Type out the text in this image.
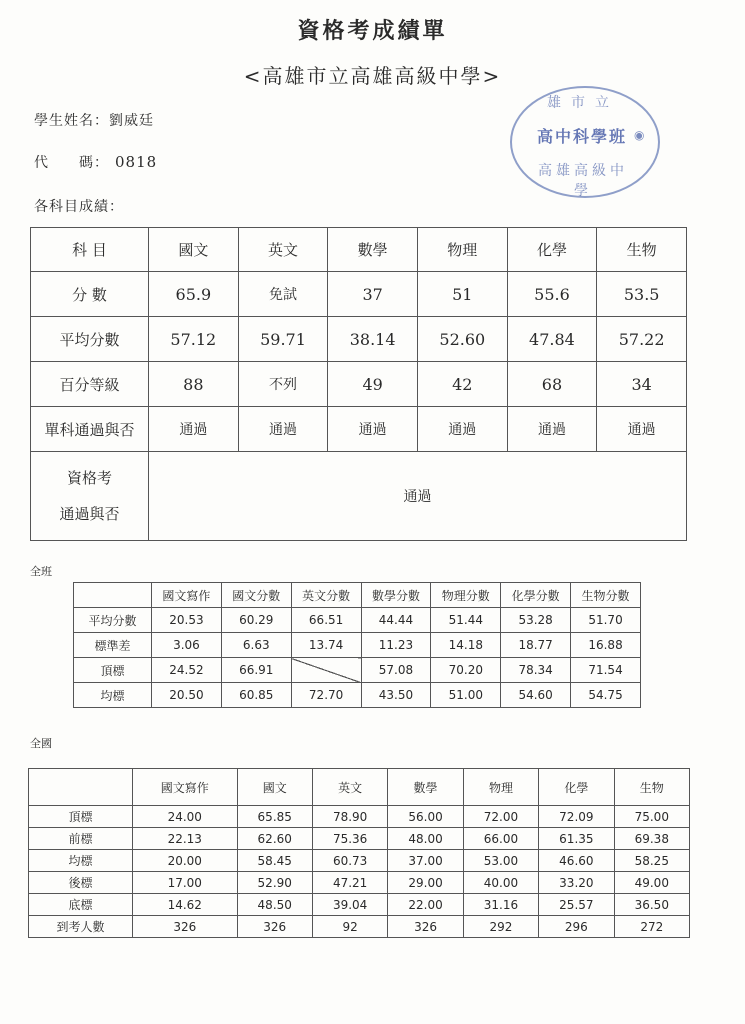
資格考成績單
<高雄市立高雄高級中學>
學生姓名：劉威廷
代　　碼： 0818
各科目成績：
雄市立
高中科學班
高雄高級中學
◉
科 目	國文	英文	數學	物理	化學	生物
分 數	65.9	免試	37	51	55.6	53.5
平均分數	57.12	59.71	38.14	52.60	47.84	57.22
百分等級	88	不列	49	42	68	34
單科通過與否	通過	通過	通過	通過	通過	通過

資格考
通過與否	通過					
全班
	國文寫作	國文分數	英文分數	數學分數	物理分數	化學分數	生物分數
平均分數	20.53	60.29	66.51	44.44	51.44	53.28	51.70
標準差	3.06	6.63	13.74	11.23	14.18	18.77	16.88
頂標	24.52	66.91		57.08	70.20	78.34	71.54
均標	20.50	60.85	72.70	43.50	51.00	54.60	54.75
全國
	國文寫作	國文	英文	數學	物理	化學	生物
頂標	24.00	65.85	78.90	56.00	72.00	72.09	75.00
前標	22.13	62.60	75.36	48.00	66.00	61.35	69.38
均標	20.00	58.45	60.73	37.00	53.00	46.60	58.25
後標	17.00	52.90	47.21	29.00	40.00	33.20	49.00
底標	14.62	48.50	39.04	22.00	31.16	25.57	36.50
到考人數	326	326	92	326	292	296	272
